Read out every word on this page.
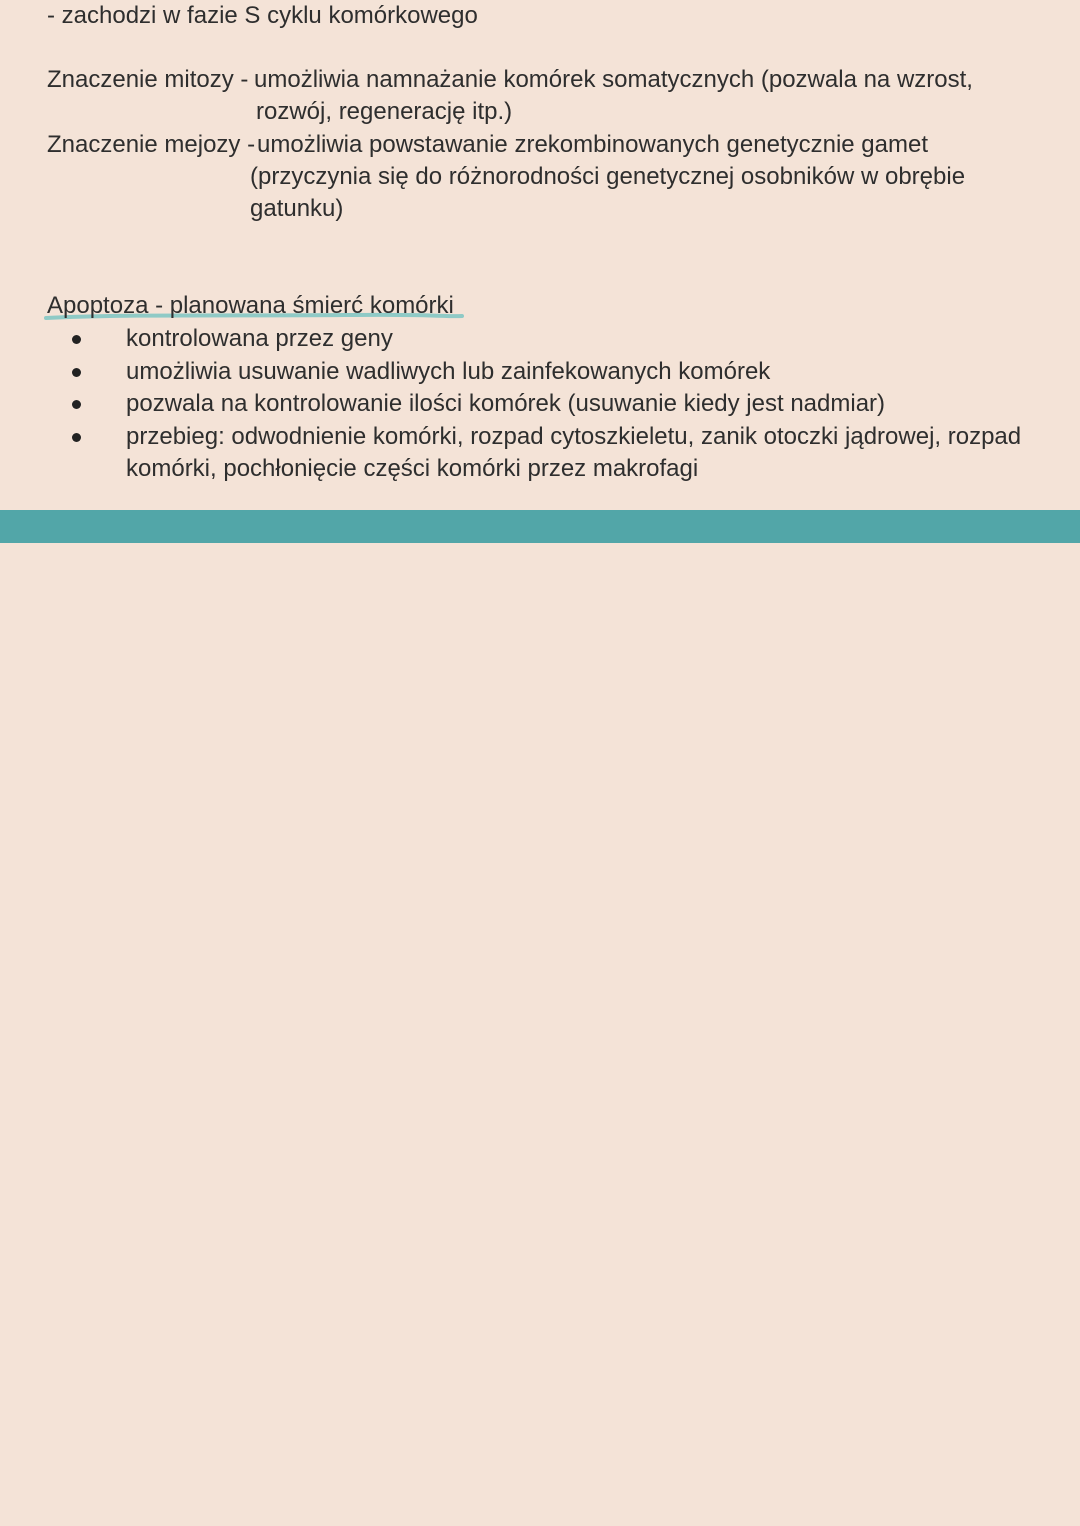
- zachodzi w fazie S cyklu komórkowego
Znaczenie mitozy - umożliwia namnażanie komórek somatycznych (pozwala na wzrost,
rozwój, regenerację itp.)
Znaczenie mejozy - umożliwia powstawanie zrekombinowanych genetycznie gamet
(przyczynia się do różnorodności genetycznej osobników w obrębie
gatunku)
Apoptoza - planowana śmierć komórki
kontrolowana przez geny
umożliwia usuwanie wadliwych lub zainfekowanych komórek
pozwala na kontrolowanie ilości komórek (usuwanie kiedy jest nadmiar)
przebieg: odwodnienie komórki, rozpad cytoszkieletu, zanik otoczki jądrowej, rozpad
komórki, pochłonięcie części komórki przez makrofagi
